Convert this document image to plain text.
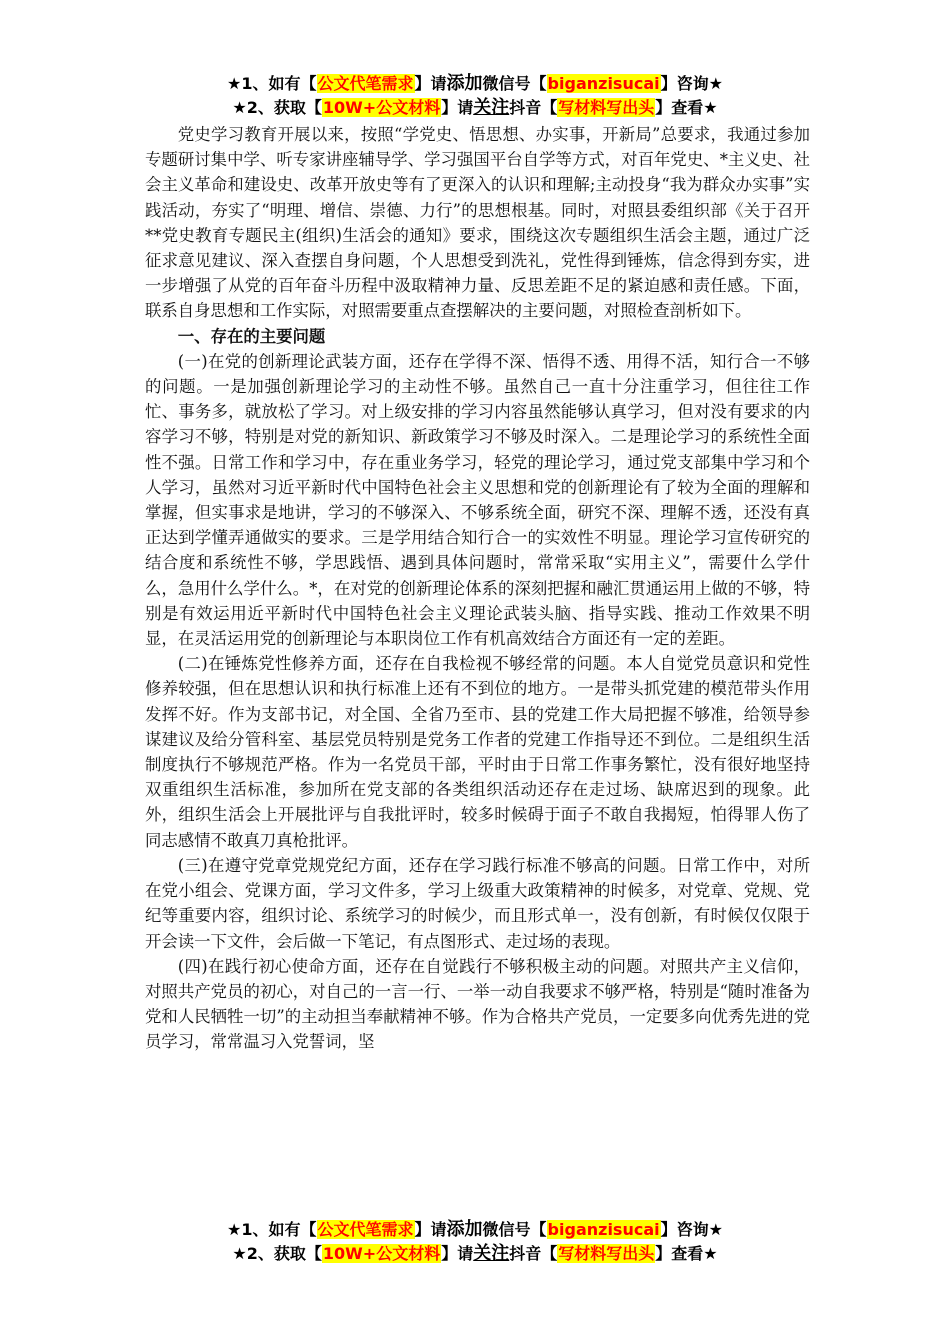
★1、如有【公文代笔需求】请添加微信号【biganzisucai】咨询★
★2、获取【10W+公文材料】请关注抖音【写材料写出头】查看★

党史学习教育开展以来，按照“学党史、悟思想、办实事，开新局”总要求，我通过参加专题研讨集中学、听专家讲座辅导学、学习强国平台自学等方式，对百年党史、*主义史、社会主义革命和建设史、改革开放史等有了更深入的认识和理解;主动投身“我为群众办实事”实践活动，夯实了“明理、增信、崇德、力行”的思想根基。同时，对照县委组织部《关于召开**党史教育专题民主(组织)生活会的通知》要求，围绕这次专题组织生活会主题，通过广泛征求意见建议、深入查摆自身问题，个人思想受到洗礼，党性得到锤炼，信念得到夯实，进一步增强了从党的百年奋斗历程中汲取精神力量、反思差距不足的紧迫感和责任感。下面，联系自身思想和工作实际，对照需要重点查摆解决的主要问题，对照检查剖析如下。

一、存在的主要问题

(一)在党的创新理论武装方面，还存在学得不深、悟得不透、用得不活，知行合一不够的问题。一是加强创新理论学习的主动性不够。虽然自己一直十分注重学习，但往往工作忙、事务多，就放松了学习。对上级安排的学习内容虽然能够认真学习，但对没有要求的内容学习不够，特别是对党的新知识、新政策学习不够及时深入。二是理论学习的系统性全面性不强。日常工作和学习中，存在重业务学习，轻党的理论学习，通过党支部集中学习和个人学习，虽然对习近平新时代中国特色社会主义思想和党的创新理论有了较为全面的理解和掌握，但实事求是地讲，学习的不够深入、不够系统全面，研究不深、理解不透，还没有真正达到学懂弄通做实的要求。三是学用结合知行合一的实效性不明显。理论学习宣传研究的结合度和系统性不够，学思践悟、遇到具体问题时，常常采取“实用主义”，需要什么学什么，急用什么学什么。*，在对党的创新理论体系的深刻把握和融汇贯通运用上做的不够，特别是有效运用近平新时代中国特色社会主义理论武装头脑、指导实践、推动工作效果不明显，在灵活运用党的创新理论与本职岗位工作有机高效结合方面还有一定的差距。

(二)在锤炼党性修养方面，还存在自我检视不够经常的问题。本人自觉党员意识和党性修养较强，但在思想认识和执行标准上还有不到位的地方。一是带头抓党建的模范带头作用发挥不好。作为支部书记，对全国、全省乃至市、县的党建工作大局把握不够准，给领导参谋建议及给分管科室、基层党员特别是党务工作者的党建工作指导还不到位。二是组织生活制度执行不够规范严格。作为一名党员干部，平时由于日常工作事务繁忙，没有很好地坚持双重组织生活标准，参加所在党支部的各类组织活动还存在走过场、缺席迟到的现象。此外，组织生活会上开展批评与自我批评时，较多时候碍于面子不敢自我揭短，怕得罪人伤了同志感情不敢真刀真枪批评。

(三)在遵守党章党规党纪方面，还存在学习践行标准不够高的问题。日常工作中，对所在党小组会、党课方面，学习文件多，学习上级重大政策精神的时候多，对党章、党规、党纪等重要内容，组织讨论、系统学习的时候少，而且形式单一，没有创新，有时候仅仅限于开会读一下文件，会后做一下笔记，有点图形式、走过场的表现。

(四)在践行初心使命方面，还存在自觉践行不够积极主动的问题。对照共产主义信仰，对照共产党员的初心，对自己的一言一行、一举一动自我要求不够严格，特别是“随时准备为党和人民牺牲一切”的主动担当奉献精神不够。作为合格共产党员，一定要多向优秀先进的党员学习，常常温习入党誓词，坚

★1、如有【公文代笔需求】请添加微信号【biganzisucai】咨询★
★2、获取【10W+公文材料】请关注抖音【写材料写出头】查看★
